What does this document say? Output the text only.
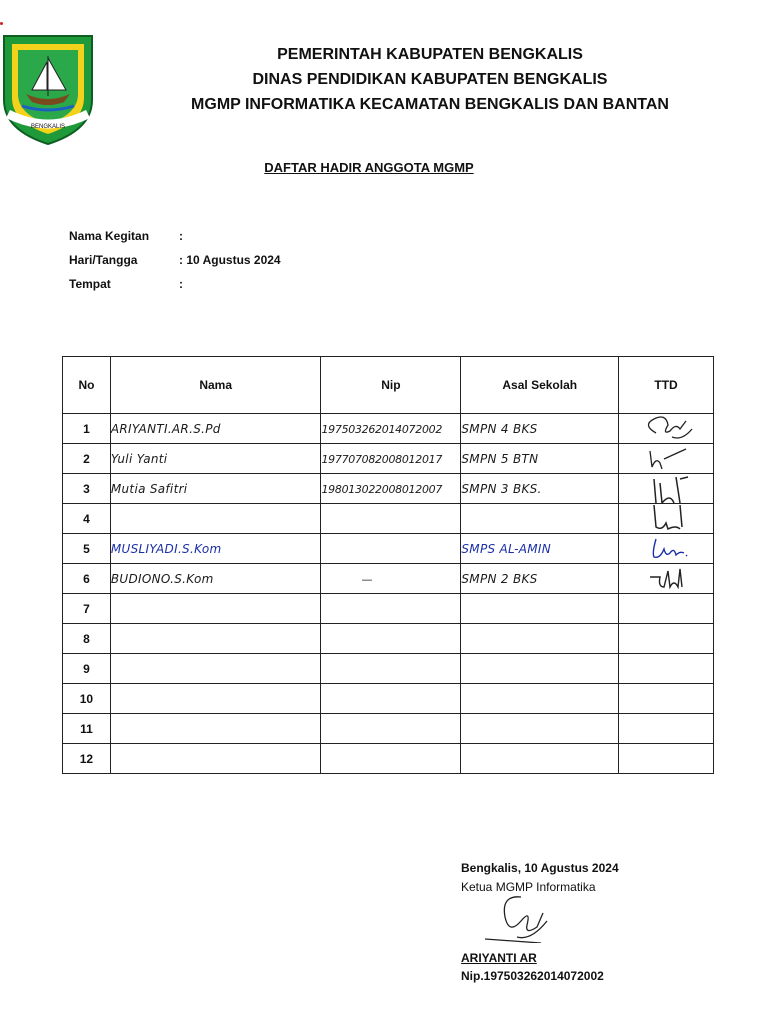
BENGKALIS
PEMERINTAH KABUPATEN BENGKALIS
DINAS PENDIDIKAN KABUPATEN BENGKALIS
MGMP INFORMATIKA KECAMATAN BENGKALIS DAN BANTAN
DAFTAR HADIR ANGGOTA MGMP
Nama Kegitan	:
Hari/Tangga	: 10 Agustus 2024
Tempat	:
No	Nama	Nip	Asal Sekolah	TTD
1	ARIYANTI.AR.S.Pd	197503262014072002	SMPN 4 BKS	

2	Yuli Yanti	197707082008012017	SMPN 5 BTN	

3	Mutia Safitri	198013022008012007	SMPN 3 BKS.	

4				

5	MUSLIYADI.S.Kom		SMPS AL-AMIN	

6	BUDIONO.S.Kom	—	SMPN 2 BKS	

7				
8				
9				
10				
11				
12				
Bengkalis, 10 Agustus 2024
Ketua MGMP Informatika
ARIYANTI AR
Nip.197503262014072002
